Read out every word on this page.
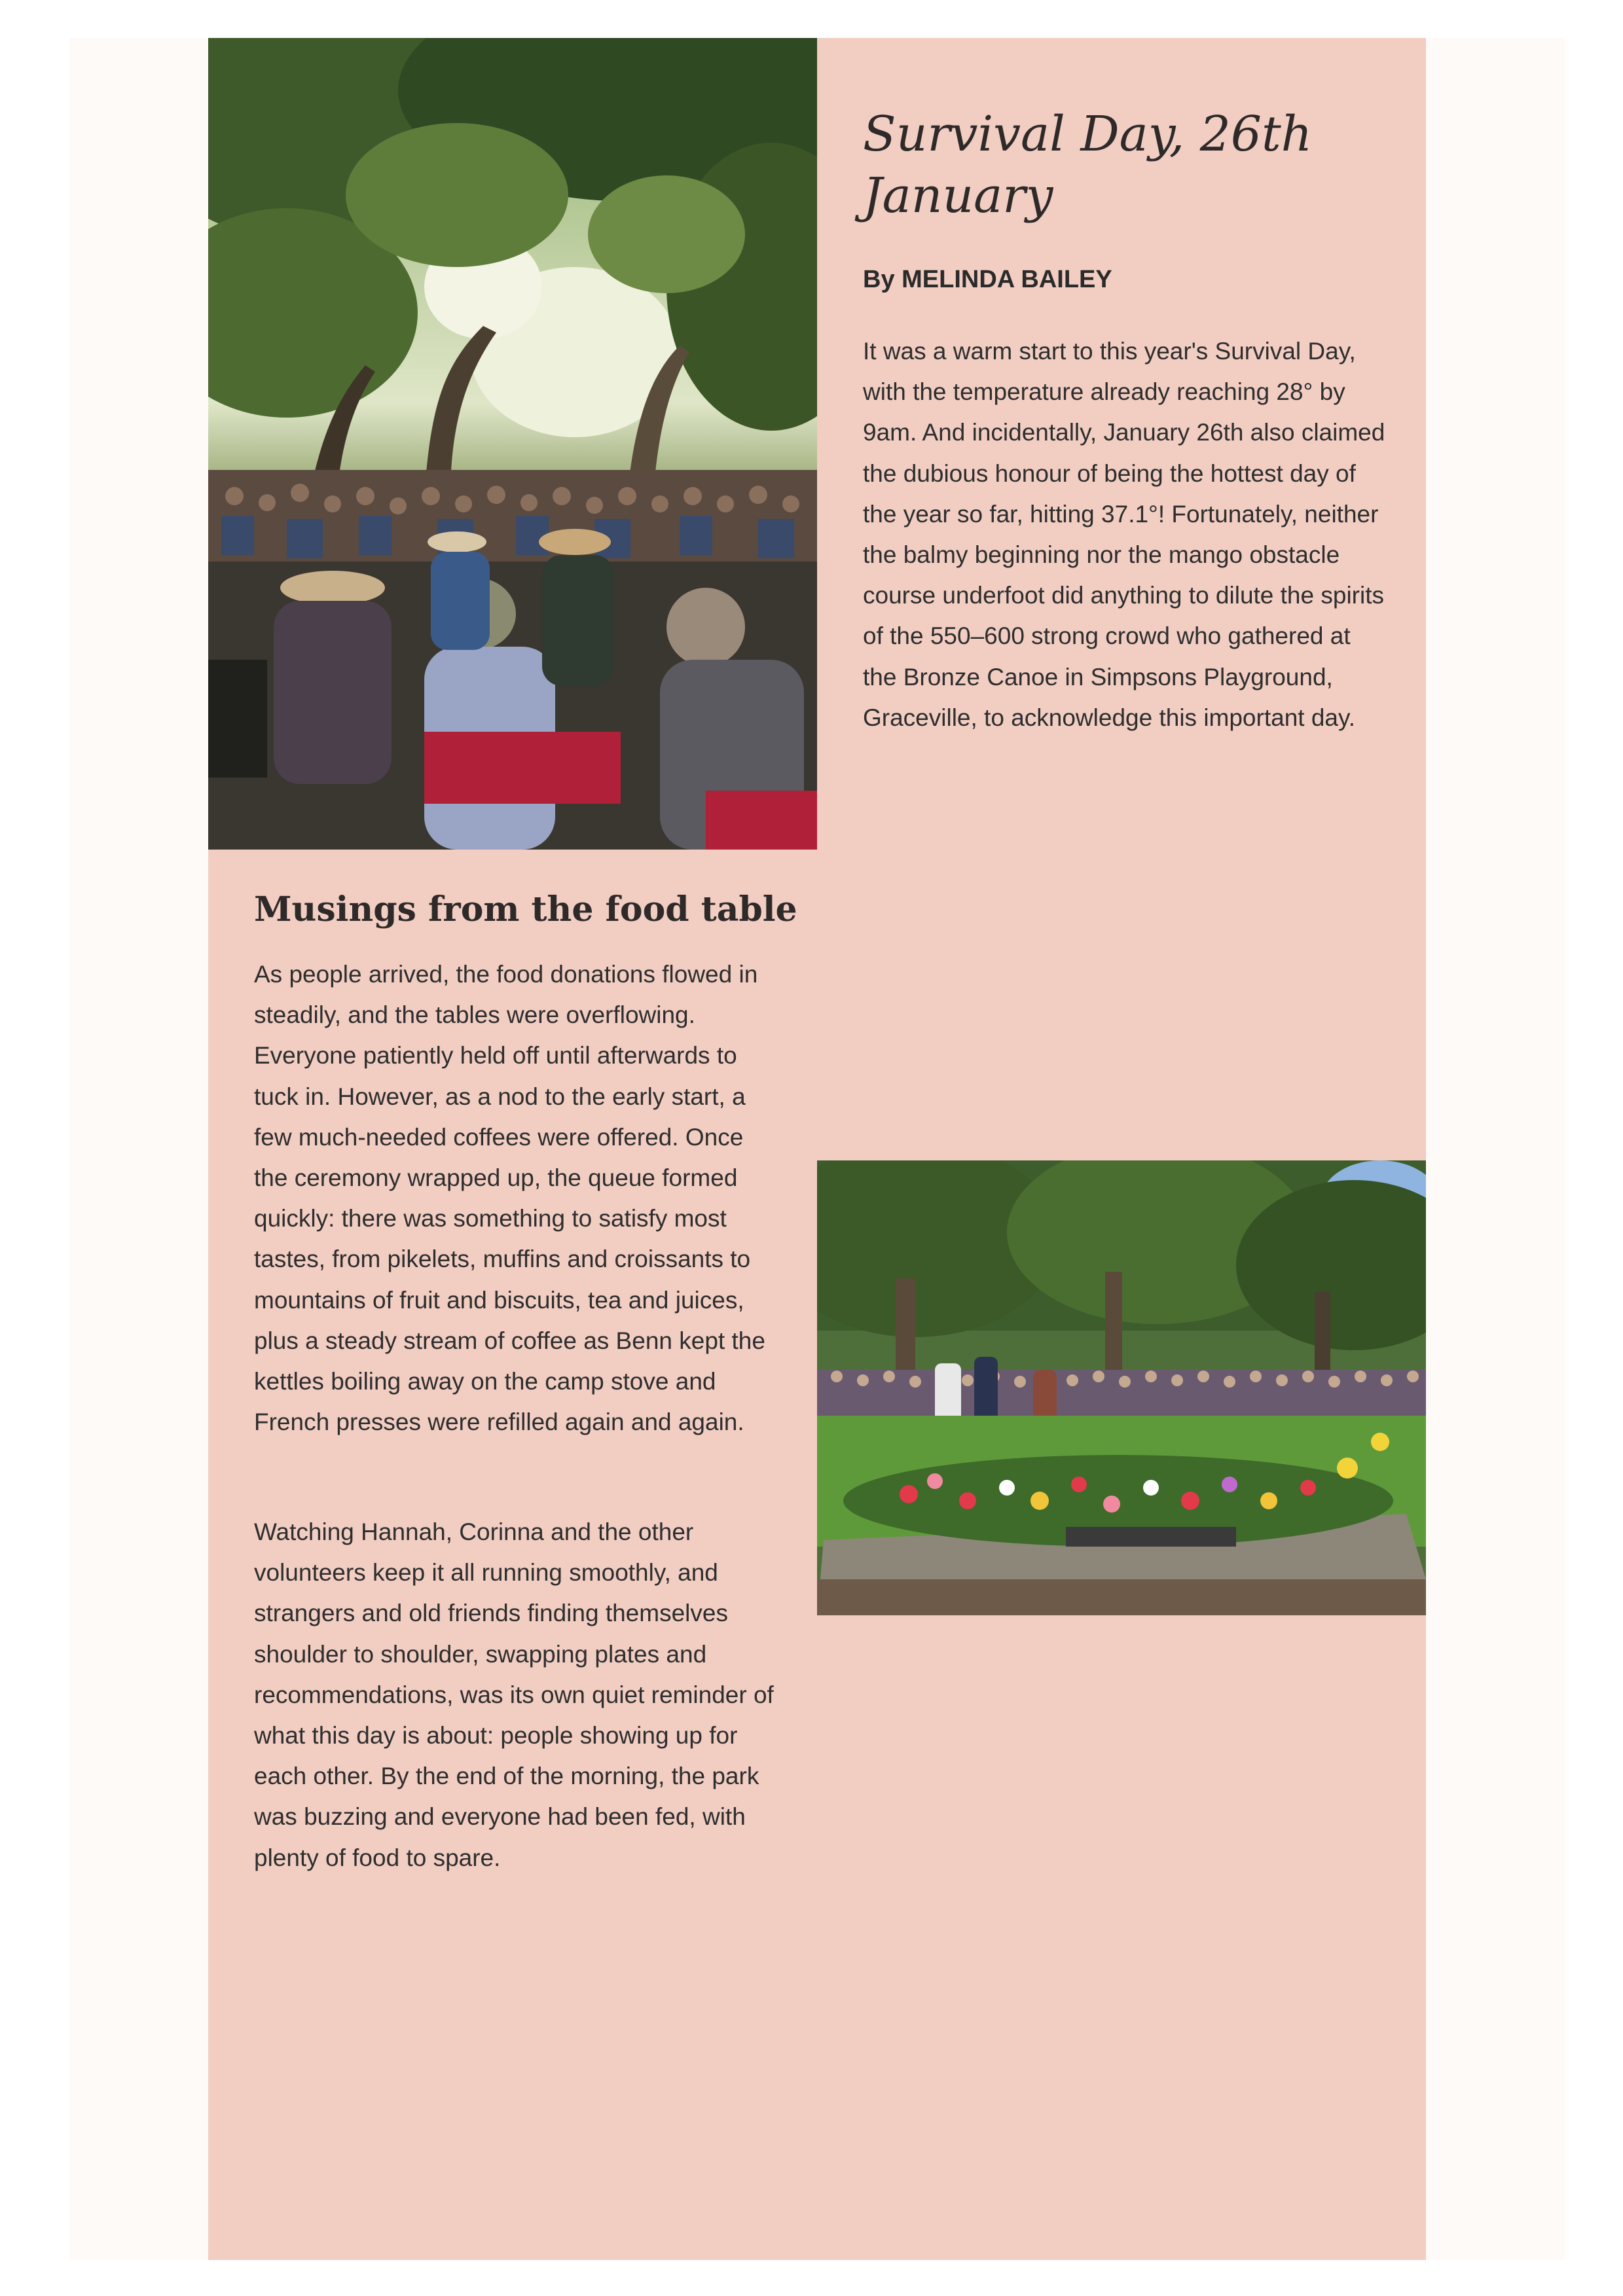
Survival Day, 26th January

By MELINDA BAILEY

It was a warm start to this year's Survival Day, with the temperature already reaching 28° by 9am. And incidentally, January 26th also claimed the dubious honour of being the hottest day of the year so far, hitting 37.1°! Fortunately, neither the balmy beginning nor the mango obstacle course underfoot did anything to dilute the spirits of the 550–600 strong crowd who gathered at the Bronze Canoe in Simpsons Playground, Graceville, to acknowledge this important day.

Musings from the food table

As people arrived, the food donations flowed in steadily, and the tables were overflowing. Everyone patiently held off until afterwards to tuck in. However, as a nod to the early start, a few much-needed coffees were offered. Once the ceremony wrapped up, the queue formed quickly: there was something to satisfy most tastes, from pikelets, muffins and croissants to mountains of fruit and biscuits, tea and juices, plus a steady stream of coffee as Benn kept the kettles boiling away on the camp stove and French presses were refilled again and again.

Watching Hannah, Corinna and the other volunteers keep it all running smoothly, and strangers and old friends finding themselves shoulder to shoulder, swapping plates and recommendations, was its own quiet reminder of what this day is about: people showing up for each other. By the end of the morning, the park was buzzing and everyone had been fed, with plenty of food to spare.
